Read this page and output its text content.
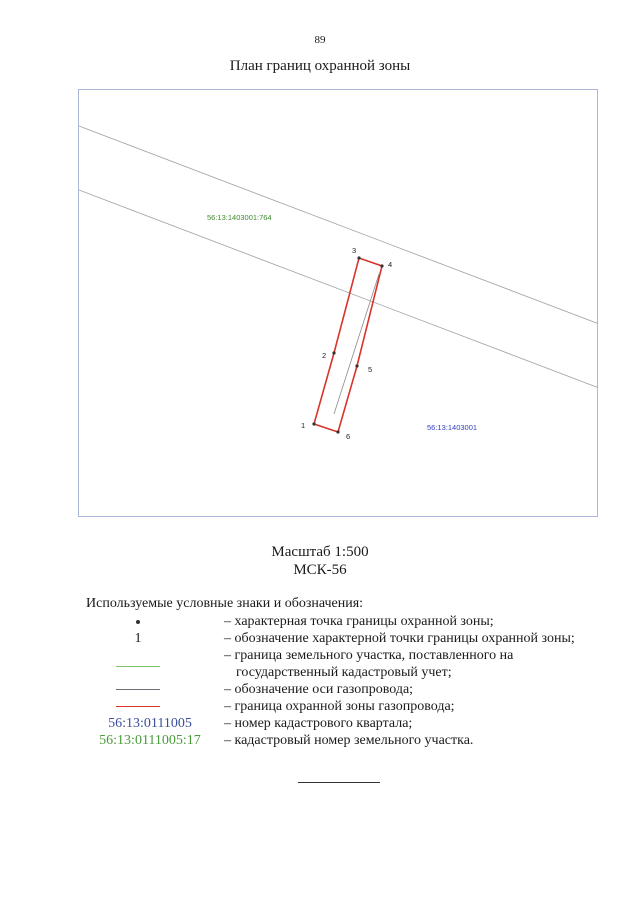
89
План границ охранной зоны
1
2
3
4
5
6
56:13:1403001:764
56:13:1403001
Масштаб 1:500
МСК-56
Используемые условные знаки и обозначения:
– характерная точка границы охранной зоны;
1	– обозначение характерной точки границы охранной зоны;
– граница земельного участка, поставленного на
государственный кадастровый учет;
– обозначение оси газопровода;
– граница охранной зоны газопровода;
56:13:0111005	– номер кадастрового квартала;
56:13:0111005:17	– кадастровый номер земельного участка.
